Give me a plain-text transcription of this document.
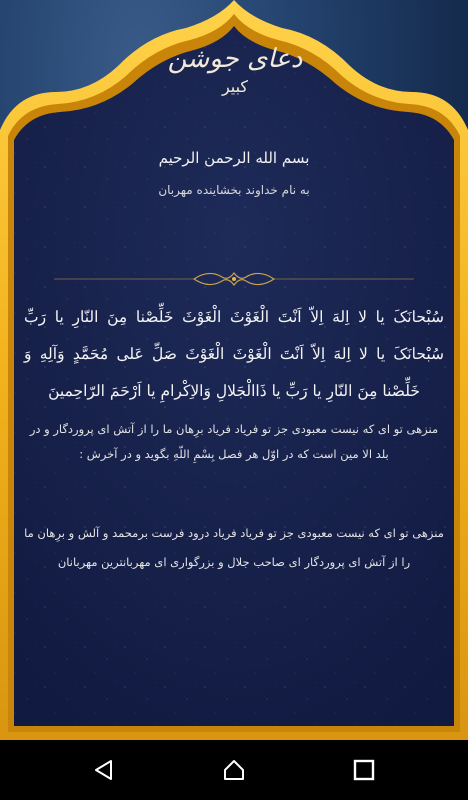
دعای جوشن
کبیر
بسم الله الرحمن الرحیم
به نام خداوند بخشاینده مهربان
سُبْحانَکَ یا لا اِلهَ اِلاّ اَنْتَ الْغَوْثَ الْغَوْثَ خَلِّصْنا مِنَ النّارِ یا رَبِّ سُبْحانَکَ یا لا اِلهَ اِلاّ اَنْتَ الْغَوْثَ الْغَوْثَ صَلِّ عَلی مُحَمَّدٍ وَآلِهِ وَ خَلِّصْنا مِنَ النّارِ یا رَبِّ یا ذَاالْجَلالِ وَالاِکْرامِ یا اَرْحَمَ الرّاحِمینَ
منزهی تو ای که نیست معبودی جز تو فریاد فریاد برِهان ما را از آتش ای پروردگار و در بلد الا مین است که در اوّل هر فصل بِسْمِ اللّهِ بگوید و در آخرش :
منزهی تو ای که نیست معبودی جز تو فریاد فریاد درود فرست برمحمد و آلش و برِهان ما را از آتش ای پروردگار ای صاحب جلال و بزرگواری ای مهربانترین مهربانان
